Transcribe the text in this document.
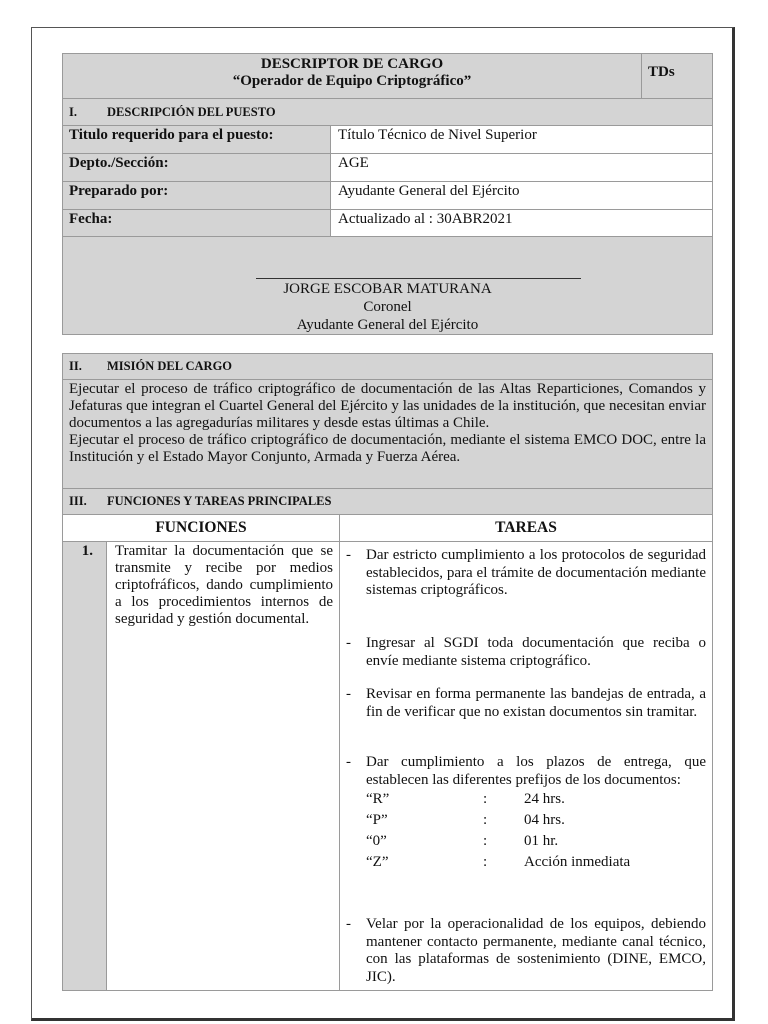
DESCRIPTOR DE CARGO
“Operador de Equipo Criptográfico”
TDs
I.	DESCRIPCIÓN DEL PUESTO
Titulo requerido para el puesto:	Título Técnico de Nivel Superior
Depto./Sección:	AGE
Preparado por:	Ayudante General del Ejército
Fecha:	Actualizado al : 30ABR2021
JORGE ESCOBAR MATURANA
Coronel
Ayudante General del Ejército
II.	MISIÓN DEL CARGO
Ejecutar el proceso de tráfico criptográfico de documentación de las Altas Reparticiones, Comandos y Jefaturas que integran el Cuartel General del Ejército y las unidades de la institución, que necesitan enviar documentos a las agregadurías militares y desde estas últimas a Chile.
Ejecutar el proceso de tráfico criptográfico de documentación, mediante el sistema EMCO DOC, entre la Institución y el Estado Mayor Conjunto, Armada y Fuerza Aérea.
III.	FUNCIONES Y TAREAS PRINCIPALES
FUNCIONES	TAREAS
1.	Tramitar la documentación que se transmite y recibe por medios criptofráficos, dando cumplimiento a los procedimientos internos de seguridad y gestión documental.
- Dar estricto cumplimiento a los protocolos de seguridad establecidos, para el trámite de documentación mediante sistemas criptográficos.
- Ingresar al SGDI toda documentación que reciba o envíe mediante sistema criptográfico.
- Revisar en forma permanente las bandejas de entrada, a fin de verificar que no existan documentos sin tramitar.
- Dar cumplimiento a los plazos de entrega, que establecen las diferentes prefijos de los documentos:
“R”	: 24 hrs.
“P”	: 04 hrs.
“0”	: 01 hr.
“Z”	: Acción inmediata
- Velar por la operacionalidad de los equipos, debiendo mantener contacto permanente, mediante canal técnico, con las plataformas de sostenimiento (DINE, EMCO, JIC).
